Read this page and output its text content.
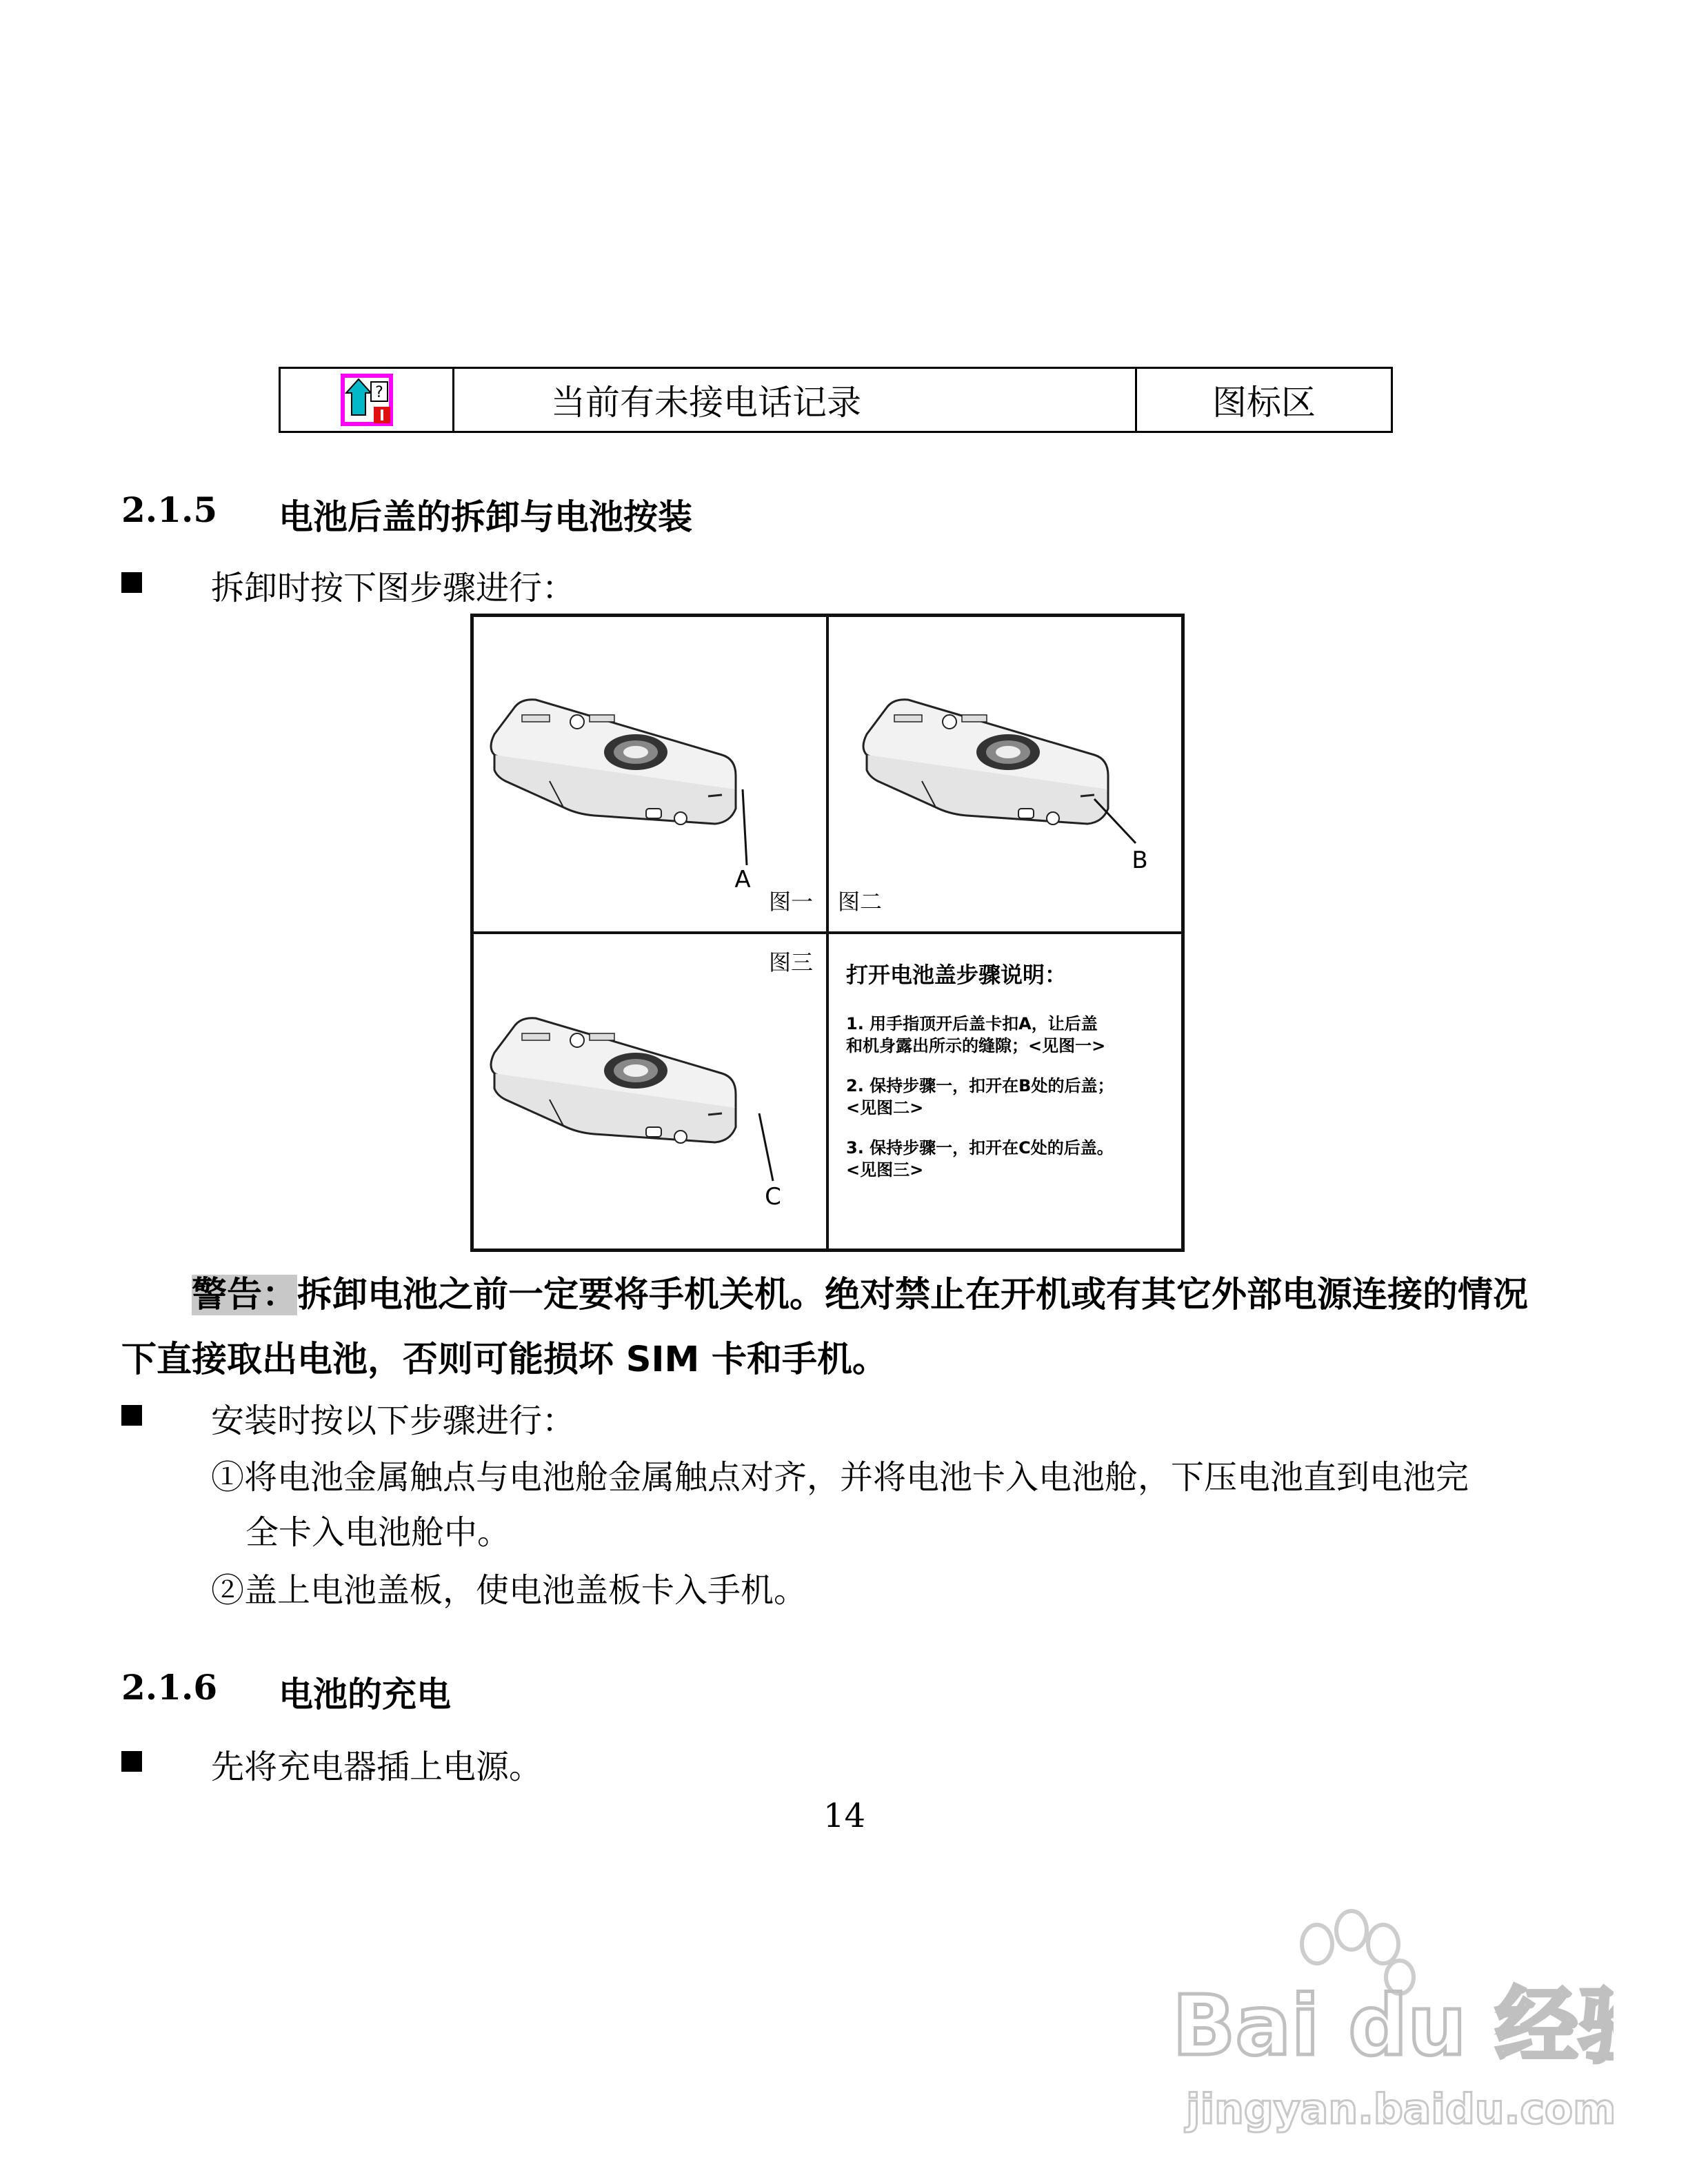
?	当前有未接电话记录	图标区
2.1.5 电池后盖的拆卸与电池按装
拆卸时按下图步骤进行：
A
图一
B
图二
图三
C
打开电池盖步骤说明：
1. 用手指顶开后盖卡扣A，让后盖
和机身露出所示的缝隙；<见图一>
2. 保持步骤一，扣开在B处的后盖；
<见图二>
3. 保持步骤一，扣开在C处的后盖。
<见图三>
警告：拆卸电池之前一定要将手机关机。绝对禁止在开机或有其它外部电源连接的情况
下直接取出电池，否则可能损坏 SIM 卡和手机。
安装时按以下步骤进行：
①将电池金属触点与电池舱金属触点对齐，并将电池卡入电池舱，下压电池直到电池完
全卡入电池舱中。
②盖上电池盖板，使电池盖板卡入手机。
2.1.6 电池的充电
先将充电器插上电源。
14
Bai du 经验
jingyan.baidu.com
